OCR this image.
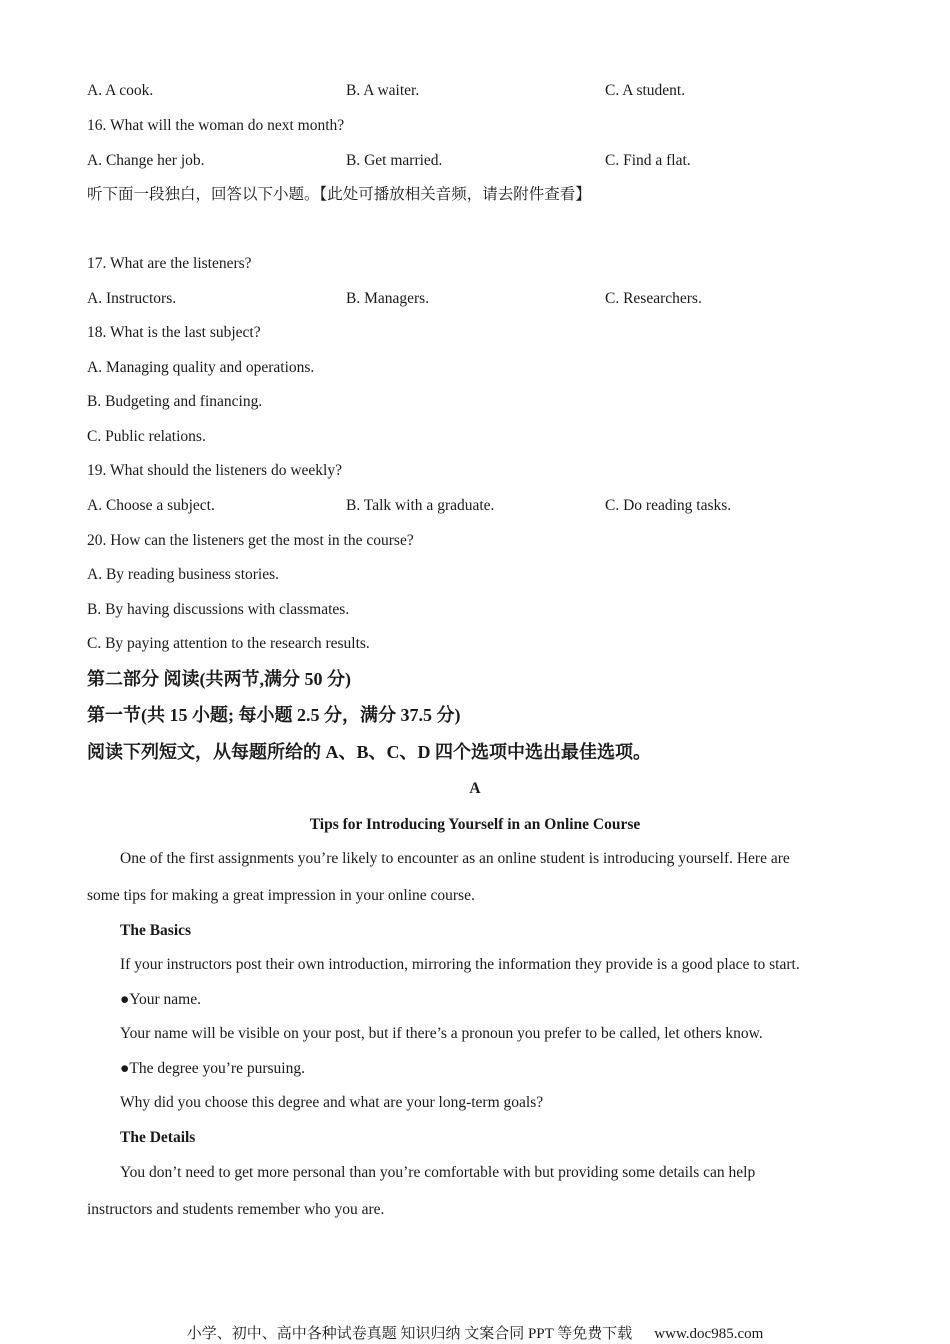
A. A cook.	B. A waiter.	C. A student.
16. What will the woman do next month?
A. Change her job.	B. Get married.	C. Find a flat.
听下面一段独白，回答以下小题。【此处可播放相关音频，请去附件查看】
17. What are the listeners?
A. Instructors.	B. Managers.	C. Researchers.
18. What is the last subject?
A. Managing quality and operations.
B. Budgeting and financing.
C. Public relations.
19. What should the listeners do weekly?
A. Choose a subject.	B. Talk with a graduate.	C. Do reading tasks.
20. How can the listeners get the most in the course?
A. By reading business stories.
B. By having discussions with classmates.
C. By paying attention to the research results.
第二部分 阅读(共两节,满分 50 分)
第一节(共 15 小题; 每小题 2.5 分，满分 37.5 分)
阅读下列短文，从每题所给的 A、B、C、D 四个选项中选出最佳选项。
A
Tips for Introducing Yourself in an Online Course
One of the first assignments you’re likely to encounter as an online student is introducing yourself. Here are
some tips for making a great impression in your online course.
The Basics
If your instructors post their own introduction, mirroring the information they provide is a good place to start.
●Your name.
Your name will be visible on your post, but if there’s a pronoun you prefer to be called, let others know.
●The degree you’re pursuing.
Why did you choose this degree and what are your long-term goals?
The Details
You don’t need to get more personal than you’re comfortable with but providing some details can help
instructors and students remember who you are.
小学、初中、高中各种试卷真题 知识归纳 文案合同 PPT 等免费下载 www.doc985.com
